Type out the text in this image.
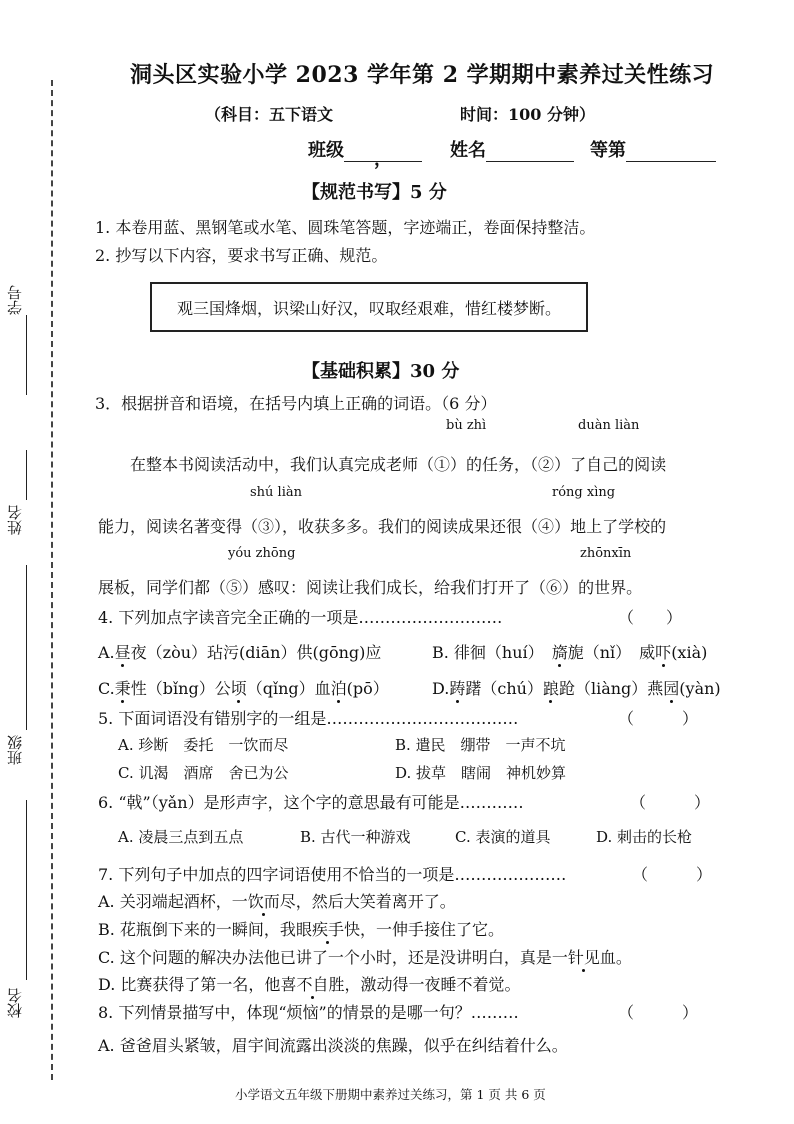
学号
姓名
班级
校名
洞头区实验小学 2023 学年第 2 学期期中素养过关性练习
（科目：五下语文	时间：100 分钟）
班级 ，	姓名	等第
【规范书写】5 分
1. 本卷用蓝、黑钢笔或水笔、圆珠笔答题，字迹端正，卷面保持整洁。
2. 抄写以下内容，要求书写正确、规范。
观三国烽烟，识梁山好汉，叹取经艰难，惜红楼梦断。
【基础积累】30 分
3．根据拼音和语境，在括号内填上正确的词语。（6 分）
bù zhì	duàn liàn
在整本书阅读活动中，我们认真完成老师（①）的任务，（②）了自己的阅读
shú liàn	róng xìng
能力，阅读名著变得（③），收获多多。我们的阅读成果还很（④）地上了学校的
yóu zhōng	zhōnxīn
展板，同学们都（⑤）感叹：阅读让我们成长，给我们打开了（⑥）的世界。
4. 下列加点字读音完全正确的一项是………………………	（　　）
A.昼夜（zòu）玷污(diān）供(gōng)应	B. 徘徊（huí）　 旖旎（nǐ）　 威吓(xià)
C.秉性（bǐng）公顷（qǐng）血泊(pō）	D.踌躇（chú）踉跄（liàng）燕园(yàn)
5. 下面词语没有错别字的一组是………………………………	（　　　）
A. 珍断　委托　一饮而尽	B. 遣民　绷带　一声不坑
C. 讥渴　酒席　舍已为公	D. 拔草　瞎闹　神机妙算
6. “戟”（yǎn）是形声字，这个字的意思最有可能是…………	（　　　）
A. 凌晨三点到五点	B. 古代一种游戏	C. 表演的道具	D. 刺击的长枪
7. 下列句子中加点的四字词语使用不恰当的一项是…………………	（　　　）
A. 关羽端起酒杯，一饮而尽，然后大笑着离开了。
B. 花瓶倒下来的一瞬间，我眼疾手快，一伸手接住了它。
C. 这个问题的解决办法他已讲了一个小时，还是没讲明白，真是一针见血。
D. 比赛获得了第一名，他喜不自胜，激动得一夜睡不着觉。
8. 下列情景描写中，体现“烦恼”的情景的是哪一句？………	（　　　）
A. 爸爸眉头紧皱，眉宇间流露出淡淡的焦躁，似乎在纠结着什么。
小学语文五年级下册期中素养过关练习，第 1 页 共 6 页
